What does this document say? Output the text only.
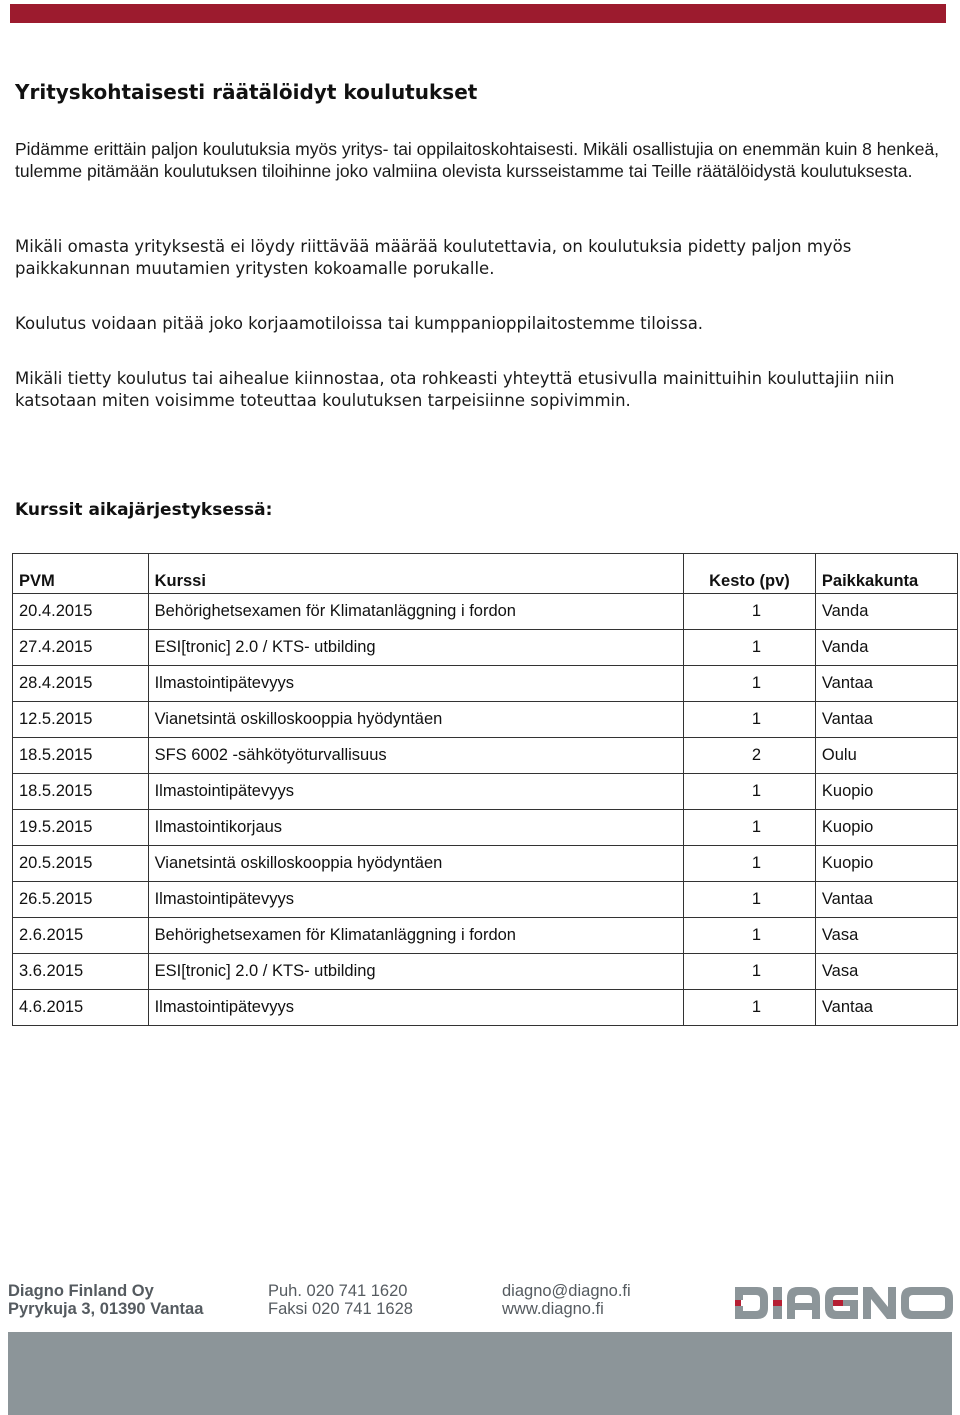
Yrityskohtaisesti räätälöidyt koulutukset

Pidämme erittäin paljon koulutuksia myös yritys- tai oppilaitoskohtaisesti. Mikäli osallistujia on enemmän kuin 8 henkeä, tulemme pitämään koulutuksen tiloihinne joko valmiina olevista kursseistamme tai Teille räätälöidystä koulutuksesta.

Mikäli omasta yrityksestä ei löydy riittävää määrää koulutettavia, on koulutuksia pidetty paljon myös paikkakunnan muutamien yritysten kokoamalle porukalle.

Koulutus voidaan pitää joko korjaamotiloissa tai kumppanioppilaitostemme tiloissa.

Mikäli tietty koulutus tai aihealue kiinnostaa, ota rohkeasti yhteyttä etusivulla mainittuihin kouluttajiin niin katsotaan miten voisimme toteuttaa koulutuksen tarpeisiinne sopivimmin.

Kurssit aikajärjestyksessä:
PVM	Kurssi	Kesto (pv)	Paikkakunta
20.4.2015	Behörighetsexamen för Klimatanläggning i fordon	1	Vanda
27.4.2015	ESI[tronic] 2.0 / KTS- utbilding	1	Vanda
28.4.2015	Ilmastointipätevyys	1	Vantaa
12.5.2015	Vianetsintä oskilloskooppia hyödyntäen	1	Vantaa
18.5.2015	SFS 6002 -sähkötyöturvallisuus	2	Oulu
18.5.2015	Ilmastointipätevyys	1	Kuopio
19.5.2015	Ilmastointikorjaus	1	Kuopio
20.5.2015	Vianetsintä oskilloskooppia hyödyntäen	1	Kuopio
26.5.2015	Ilmastointipätevyys	1	Vantaa
2.6.2015	Behörighetsexamen för Klimatanläggning i fordon	1	Vasa
3.6.2015	ESI[tronic] 2.0 / KTS- utbilding	1	Vasa
4.6.2015	Ilmastointipätevyys	1	Vantaa
Diagno Finland Oy
Pyrykuja 3, 01390 Vantaa
Puh. 020 741 1620
Faksi 020 741 1628
diagno@diagno.fi
www.diagno.fi
